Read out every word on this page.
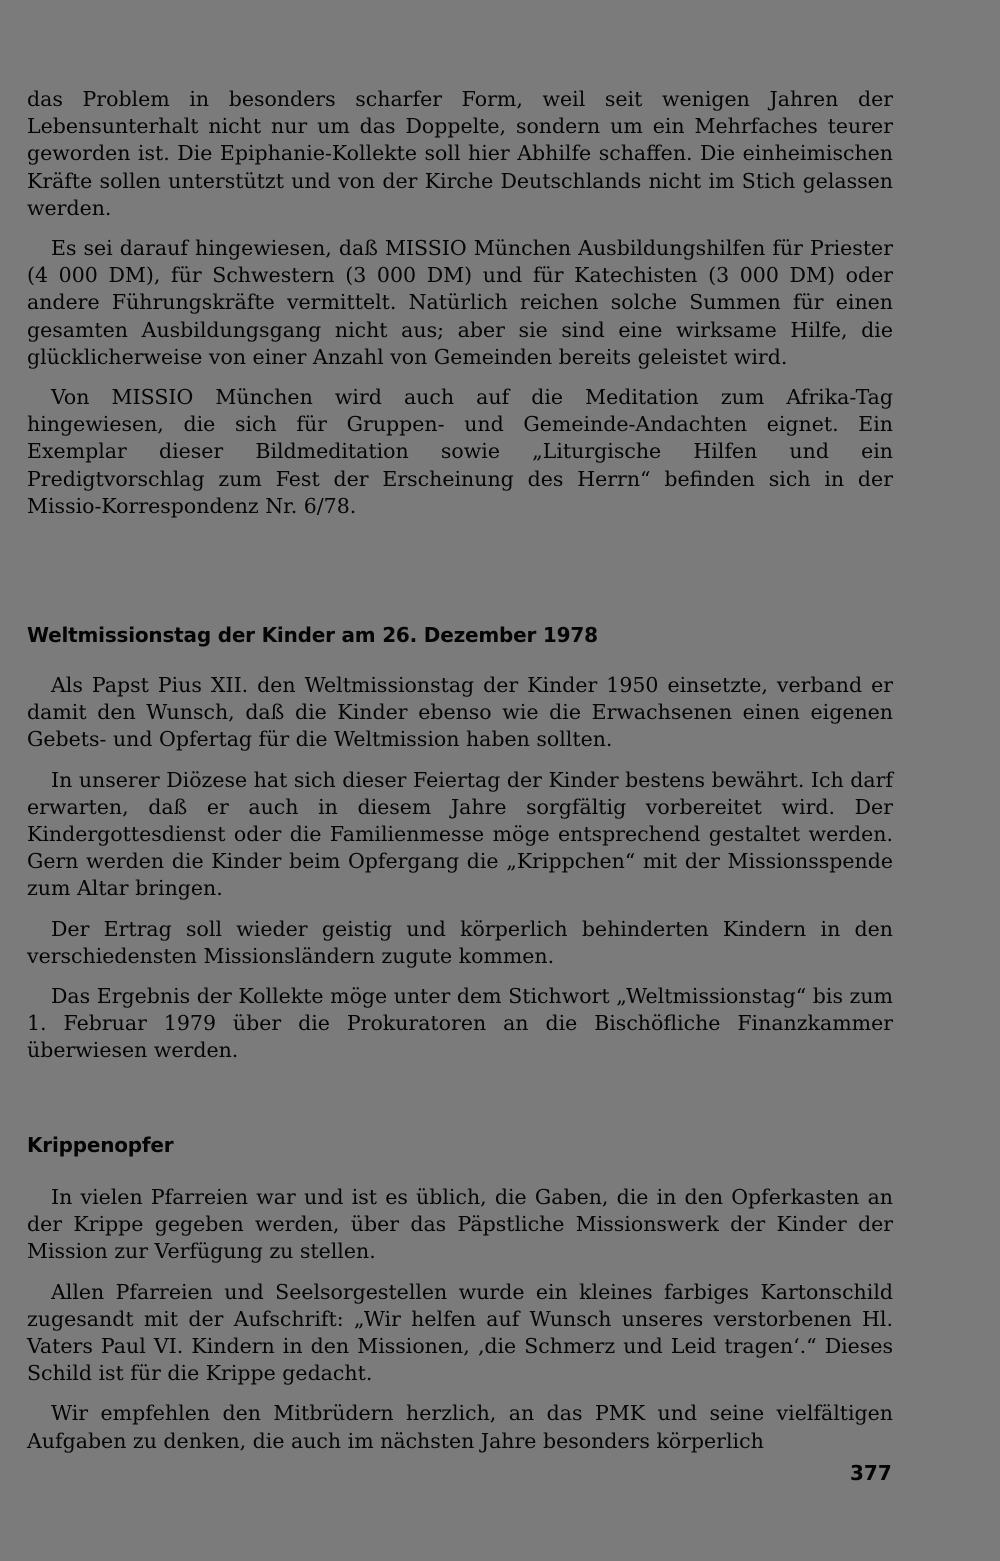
das Problem in besonders scharfer Form, weil seit wenigen Jahren der Lebensunterhalt nicht nur um das Doppelte, sondern um ein Mehrfaches teurer geworden ist. Die Epiphanie-Kollekte soll hier Abhilfe schaffen. Die einheimischen Kräfte sollen unterstützt und von der Kirche Deutschlands nicht im Stich gelassen werden.

Es sei darauf hingewiesen, daß MISSIO München Ausbildungshilfen für Priester (4 000 DM), für Schwestern (3 000 DM) und für Katechisten (3 000 DM) oder andere Führungskräfte vermittelt. Natürlich reichen solche Summen für einen gesamten Ausbildungsgang nicht aus; aber sie sind eine wirksame Hilfe, die glücklicherweise von einer Anzahl von Gemeinden bereits geleistet wird.

Von MISSIO München wird auch auf die Meditation zum Afrika-Tag hingewiesen, die sich für Gruppen- und Gemeinde-Andachten eignet. Ein Exemplar dieser Bildmeditation sowie „Liturgische Hilfen und ein Predigtvorschlag zum Fest der Erscheinung des Herrn“ befinden sich in der Missio-Korrespondenz Nr. 6/78.

Weltmissionstag der Kinder am 26. Dezember 1978

Als Papst Pius XII. den Weltmissionstag der Kinder 1950 einsetzte, verband er damit den Wunsch, daß die Kinder ebenso wie die Erwachsenen einen eigenen Gebets- und Opfertag für die Weltmission haben sollten.

In unserer Diözese hat sich dieser Feiertag der Kinder bestens bewährt. Ich darf erwarten, daß er auch in diesem Jahre sorgfältig vorbereitet wird. Der Kindergottesdienst oder die Familienmesse möge entsprechend gestaltet werden. Gern werden die Kinder beim Opfergang die „Krippchen“ mit der Missionsspende zum Altar bringen.

Der Ertrag soll wieder geistig und körperlich behinderten Kindern in den verschiedensten Missionsländern zugute kommen.

Das Ergebnis der Kollekte möge unter dem Stichwort „Weltmissionstag“ bis zum 1. Februar 1979 über die Prokuratoren an die Bischöfliche Finanzkammer überwiesen werden.

Krippenopfer

In vielen Pfarreien war und ist es üblich, die Gaben, die in den Opferkasten an der Krippe gegeben werden, über das Päpstliche Missionswerk der Kinder der Mission zur Verfügung zu stellen.

Allen Pfarreien und Seelsorgestellen wurde ein kleines farbiges Kartonschild zugesandt mit der Aufschrift: „Wir helfen auf Wunsch unseres verstorbenen Hl. Vaters Paul VI. Kindern in den Missionen, ‚die Schmerz und Leid tragen‘.“ Dieses Schild ist für die Krippe gedacht.

Wir empfehlen den Mitbrüdern herzlich, an das PMK und seine vielfältigen Aufgaben zu denken, die auch im nächsten Jahre besonders körperlich

377
